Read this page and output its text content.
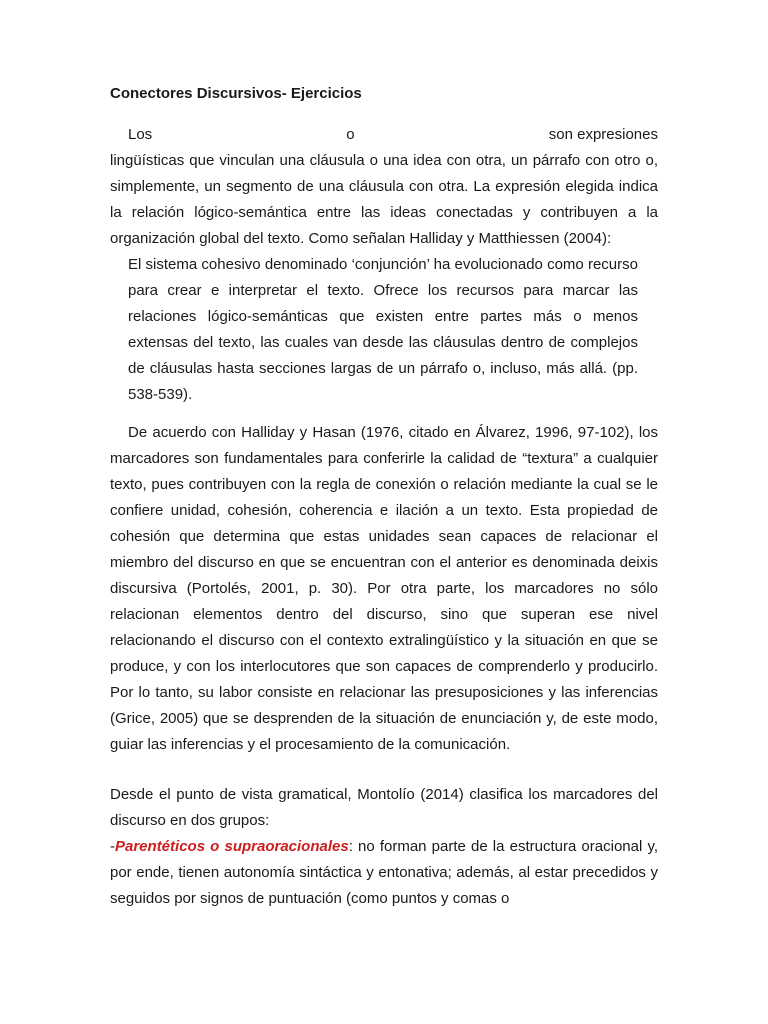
Conectores Discursivos- Ejercicios
Los	o	son expresiones

lingüísticas que vinculan una cláusula o una idea con otra, un párrafo con otro o, simplemente, un segmento de una cláusula con otra. La expresión elegida indica la relación lógico-semántica entre las ideas conectadas y contribuyen a la organización global del texto. Como señalan Halliday y Matthiessen (2004):

El sistema cohesivo denominado ‘conjunción’ ha evolucionado como recurso para crear e interpretar el texto. Ofrece los recursos para marcar las relaciones lógico-semánticas que existen entre partes más o menos extensas del texto, las cuales van desde las cláusulas dentro de complejos de cláusulas hasta secciones largas de un párrafo o, incluso, más allá. (pp. 538-539).

De acuerdo con Halliday y Hasan (1976, citado en Álvarez, 1996, 97-102), los marcadores son fundamentales para conferirle la calidad de “textura” a cualquier texto, pues contribuyen con la regla de conexión o relación mediante la cual se le confiere unidad, cohesión, coherencia e ilación a un texto. Esta propiedad de cohesión que determina que estas unidades sean capaces de relacionar el miembro del discurso en que se encuentran con el anterior es denominada deixis discursiva (Portolés, 2001, p. 30). Por otra parte, los marcadores no sólo relacionan elementos dentro del discurso, sino que superan ese nivel relacionando el discurso con el contexto extralingüístico y la situación en que se produce, y con los interlocutores que son capaces de comprenderlo y producirlo. Por lo tanto, su labor consiste en relacionar las presuposiciones y las inferencias (Grice, 2005) que se desprenden de la situación de enunciación y, de este modo, guiar las inferencias y el procesamiento de la comunicación.

Desde el punto de vista gramatical, Montolío (2014) clasifica los marcadores del discurso en dos grupos:

-Parentéticos o supraoracionales: no forman parte de la estructura oracional y, por ende, tienen autonomía sintáctica y entonativa; además, al estar precedidos y seguidos por signos de puntuación (como puntos y comas o
